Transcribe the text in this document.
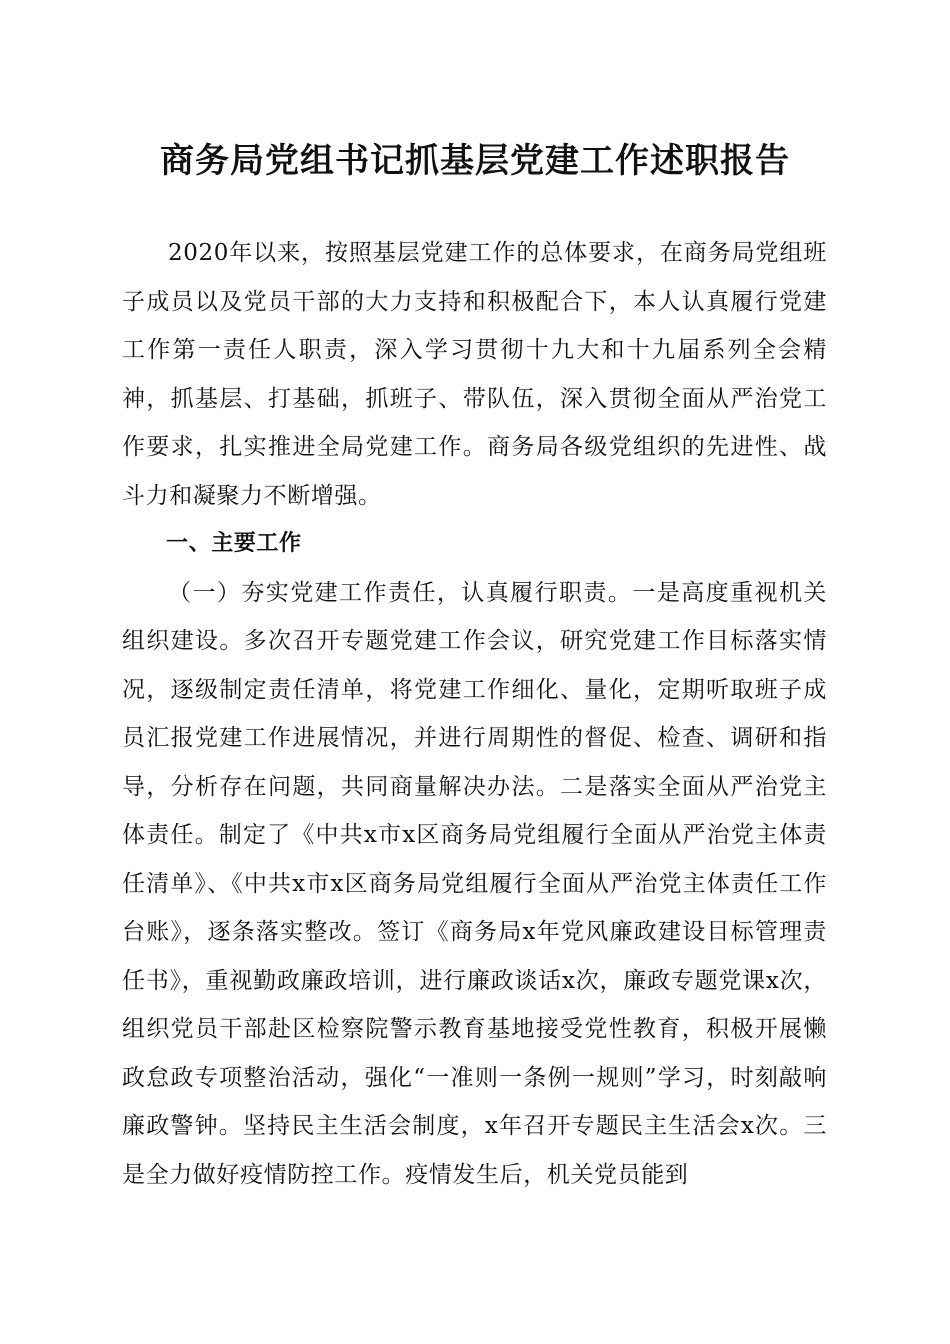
商务局党组书记抓基层党建工作述职报告

2020年以来，按照基层党建工作的总体要求，在商务局党组班子成员以及党员干部的大力支持和积极配合下，本人认真履行党建工作第一责任人职责，深入学习贯彻十九大和十九届系列全会精神，抓基层、打基础，抓班子、带队伍，深入贯彻全面从严治党工作要求，扎实推进全局党建工作。商务局各级党组织的先进性、战斗力和凝聚力不断增强。

一、主要工作

（一）夯实党建工作责任，认真履行职责。一是高度重视机关组织建设。多次召开专题党建工作会议，研究党建工作目标落实情况，逐级制定责任清单，将党建工作细化、量化，定期听取班子成员汇报党建工作进展情况，并进行周期性的督促、检查、调研和指导，分析存在问题，共同商量解决办法。二是落实全面从严治党主体责任。制定了《中共x市x区商务局党组履行全面从严治党主体责任清单》、《中共x市x区商务局党组履行全面从严治党主体责任工作台账》，逐条落实整改。签订《商务局x年党风廉政建设目标管理责任书》，重视勤政廉政培训，进行廉政谈话x次，廉政专题党课x次，组织党员干部赴区检察院警示教育基地接受党性教育，积极开展懒政怠政专项整治活动，强化“一准则一条例一规则”学习，时刻敲响廉政警钟。坚持民主生活会制度，x年召开专题民主生活会x次。三是全力做好疫情防控工作。疫情发生后，机关党员能到
